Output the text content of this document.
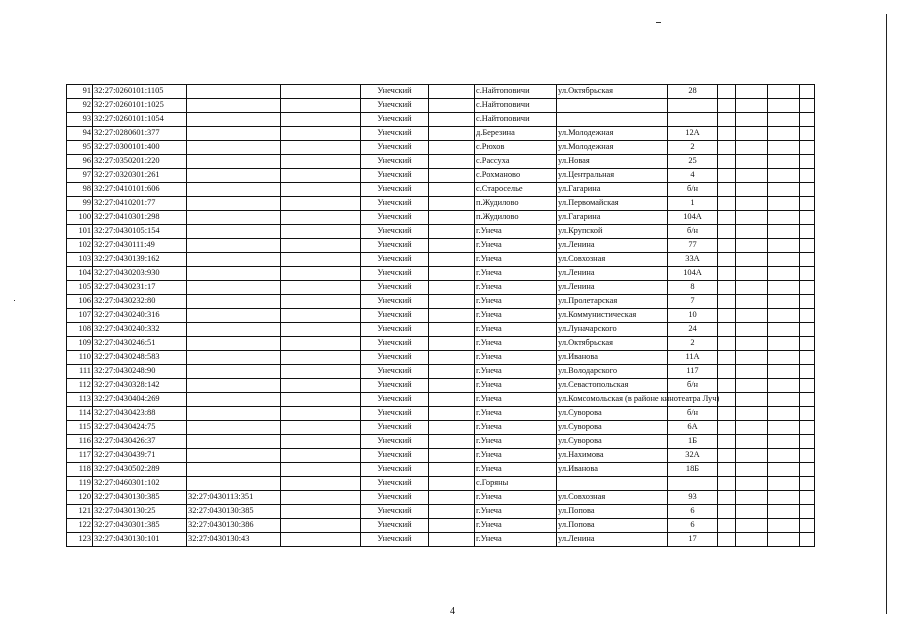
91	32:27:0260101:1105			Унечский		с.Найтоповичи	ул.Октябрьская	28				
92	32:27:0260101:1025			Унечский		с.Найтоповичи						
93	32:27:0260101:1054			Унечский		с.Найтоповичи						
94	32:27:0280601:377			Унечский		д.Березина	ул.Молодежная	12А				
95	32:27:0300101:400			Унечский		с.Рюхов	ул.Молодежная	2				
96	32:27:0350201:220			Унечский		с.Рассуха	ул.Новая	25				
97	32:27:0320301:261			Унечский		с.Рохманово	ул.Центральная	4				
98	32:27:0410101:606			Унечский		с.Староселье	ул.Гагарина	б/н				
99	32:27:0410201:77			Унечский		п.Жудилово	ул.Первомайская	1				
100	32:27:0410301:298			Унечский		п.Жудилово	ул.Гагарина	104А				
101	32:27:0430105:154			Унечский		г.Унеча	ул.Крупской	б/н				
102	32:27:0430111:49			Унечский		г.Унеча	ул.Ленина	77				
103	32:27:0430139:162			Унечский		г.Унеча	ул.Совхозная	33А				
104	32:27:0430203:930			Унечский		г.Унеча	ул.Ленина	104А				
105	32:27:0430231:17			Унечский		г.Унеча	ул.Ленина	8				
106	32:27:0430232:80			Унечский		г.Унеча	ул.Пролетарская	7				
107	32:27:0430240:316			Унечский		г.Унеча	ул.Коммунистическая	10				
108	32:27:0430240:332			Унечский		г.Унеча	ул.Луначарского	24				
109	32:27:0430246:51			Унечский		г.Унеча	ул.Октябрьская	2				
110	32:27:0430248:583			Унечский		г.Унеча	ул.Иванова	11А				
111	32:27:0430248:90			Унечский		г.Унеча	ул.Володарского	117				
112	32:27:0430328:142			Унечский		г.Унеча	ул.Севастопольская	б/н				
113	32:27:0430404:269			Унечский		г.Унеча	ул.Комсомольская (в районе кинотеатра Луч)					
114	32:27:0430423:88			Унечский		г.Унеча	ул.Суворова	б/н				
115	32:27:0430424:75			Унечский		г.Унеча	ул.Суворова	6А				
116	32:27:0430426:37			Унечский		г.Унеча	ул.Суворова	1Б				
117	32:27:0430439:71			Унечский		г.Унеча	ул.Нахимова	32А				
118	32:27:0430502:289			Унечский		г.Унеча	ул.Иванова	18Б				
119	32:27:0460301:102			Унечский		с.Горяны						
120	32:27:0430130:385	32:27:0430113:351		Унечский		г.Унеча	ул.Совхозная	93				
121	32:27:0430130:25	32:27:0430130:385		Унечский		г.Унеча	ул.Попова	6				
122	32:27:0430301:385	32:27:0430130:386		Унечский		г.Унеча	ул.Попова	6				
123	32:27:0430130:101	32:27:0430130:43		Унечский		г.Унеча	ул.Ленина	17				
4
